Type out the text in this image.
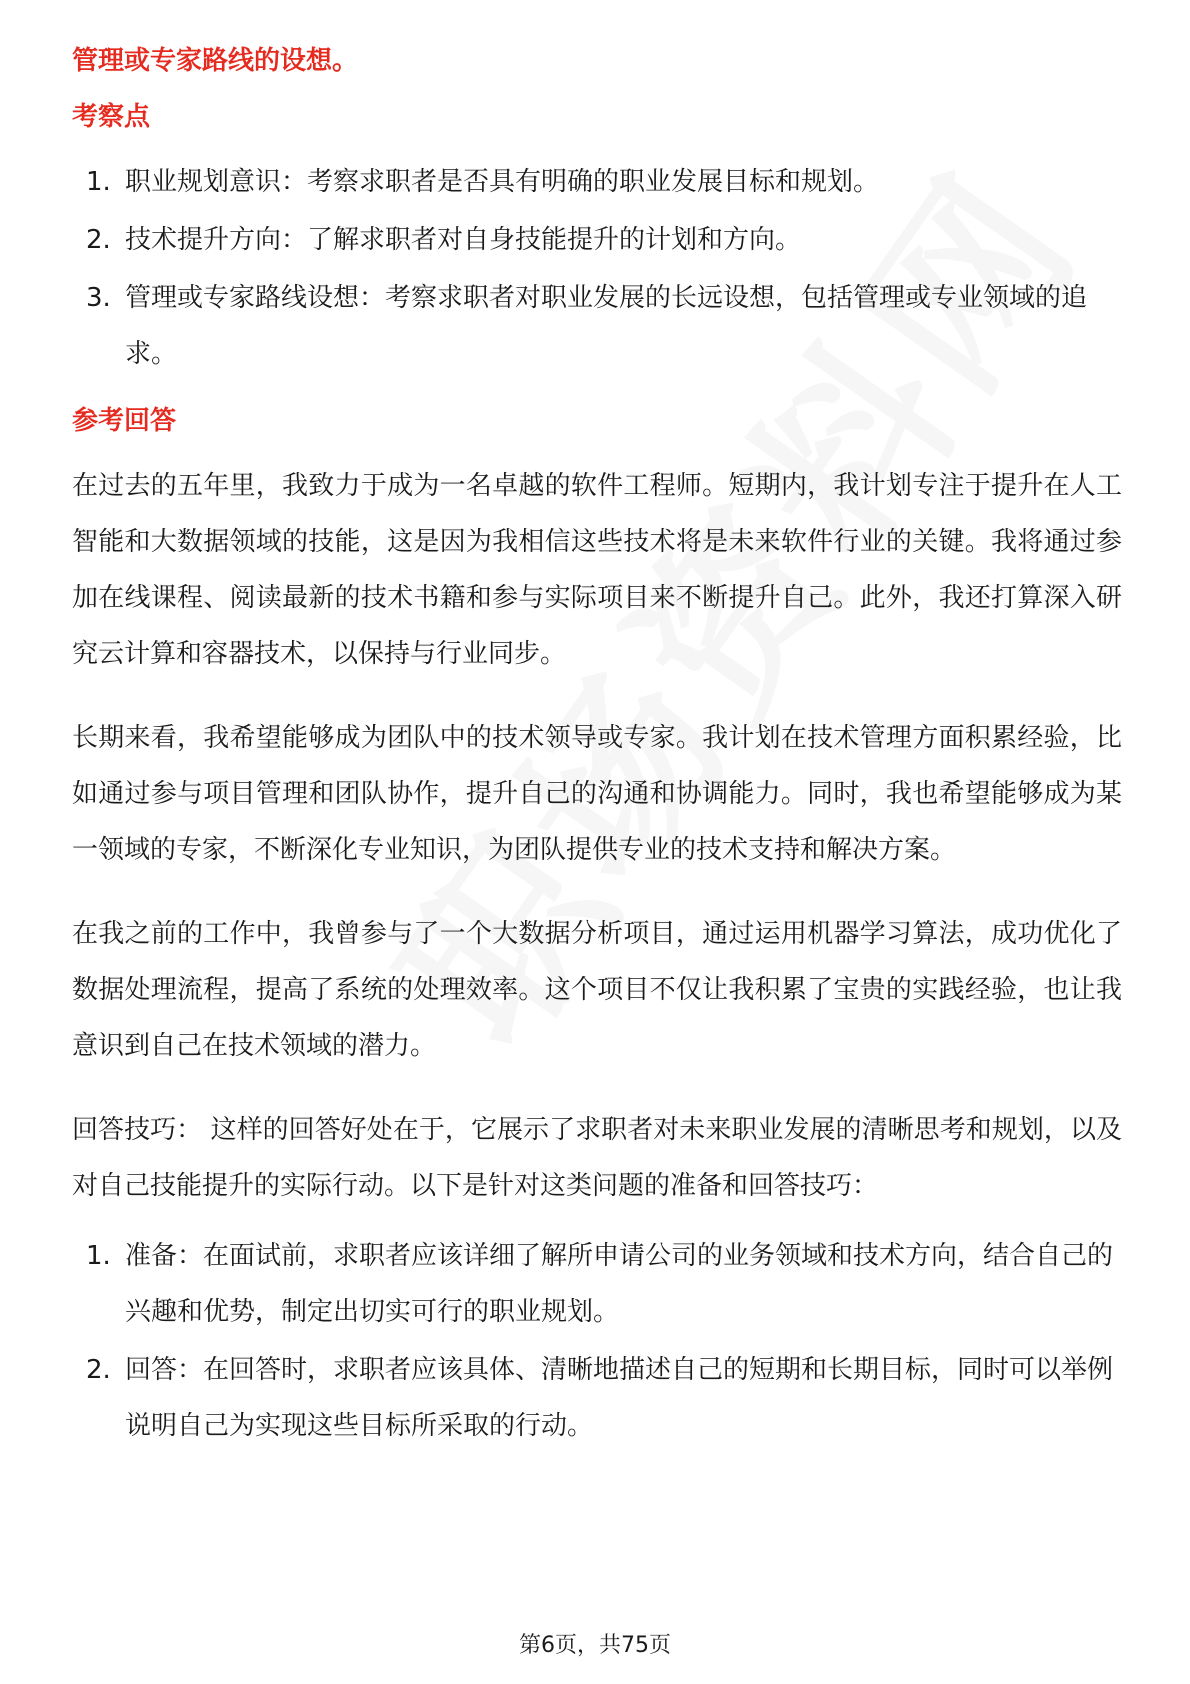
管理或专家路线的设想。

考察点

1. 职业规划意识：考察求职者是否具有明确的职业发展目标和规划。
2. 技术提升方向：了解求职者对自身技能提升的计划和方向。
3. 管理或专家路线设想：考察求职者对职业发展的长远设想，包括管理或专业领域的追求。

参考回答

在过去的五年里，我致力于成为一名卓越的软件工程师。短期内，我计划专注于提升在人工智能和大数据领域的技能，这是因为我相信这些技术将是未来软件行业的关键。我将通过参加在线课程、阅读最新的技术书籍和参与实际项目来不断提升自己。此外，我还打算深入研究云计算和容器技术，以保持与行业同步。

长期来看，我希望能够成为团队中的技术领导或专家。我计划在技术管理方面积累经验，比如通过参与项目管理和团队协作，提升自己的沟通和协调能力。同时，我也希望能够成为某一领域的专家，不断深化专业知识，为团队提供专业的技术支持和解决方案。

在我之前的工作中，我曾参与了一个大数据分析项目，通过运用机器学习算法，成功优化了数据处理流程，提高了系统的处理效率。这个项目不仅让我积累了宝贵的实践经验，也让我意识到自己在技术领域的潜力。

回答技巧： 这样的回答好处在于，它展示了求职者对未来职业发展的清晰思考和规划，以及对自己技能提升的实际行动。以下是针对这类问题的准备和回答技巧：

1. 准备：在面试前，求职者应该详细了解所申请公司的业务领域和技术方向，结合自己的兴趣和优势，制定出切实可行的职业规划。
2. 回答：在回答时，求职者应该具体、清晰地描述自己的短期和长期目标，同时可以举例说明自己为实现这些目标所采取的行动。
第6页，共75页
